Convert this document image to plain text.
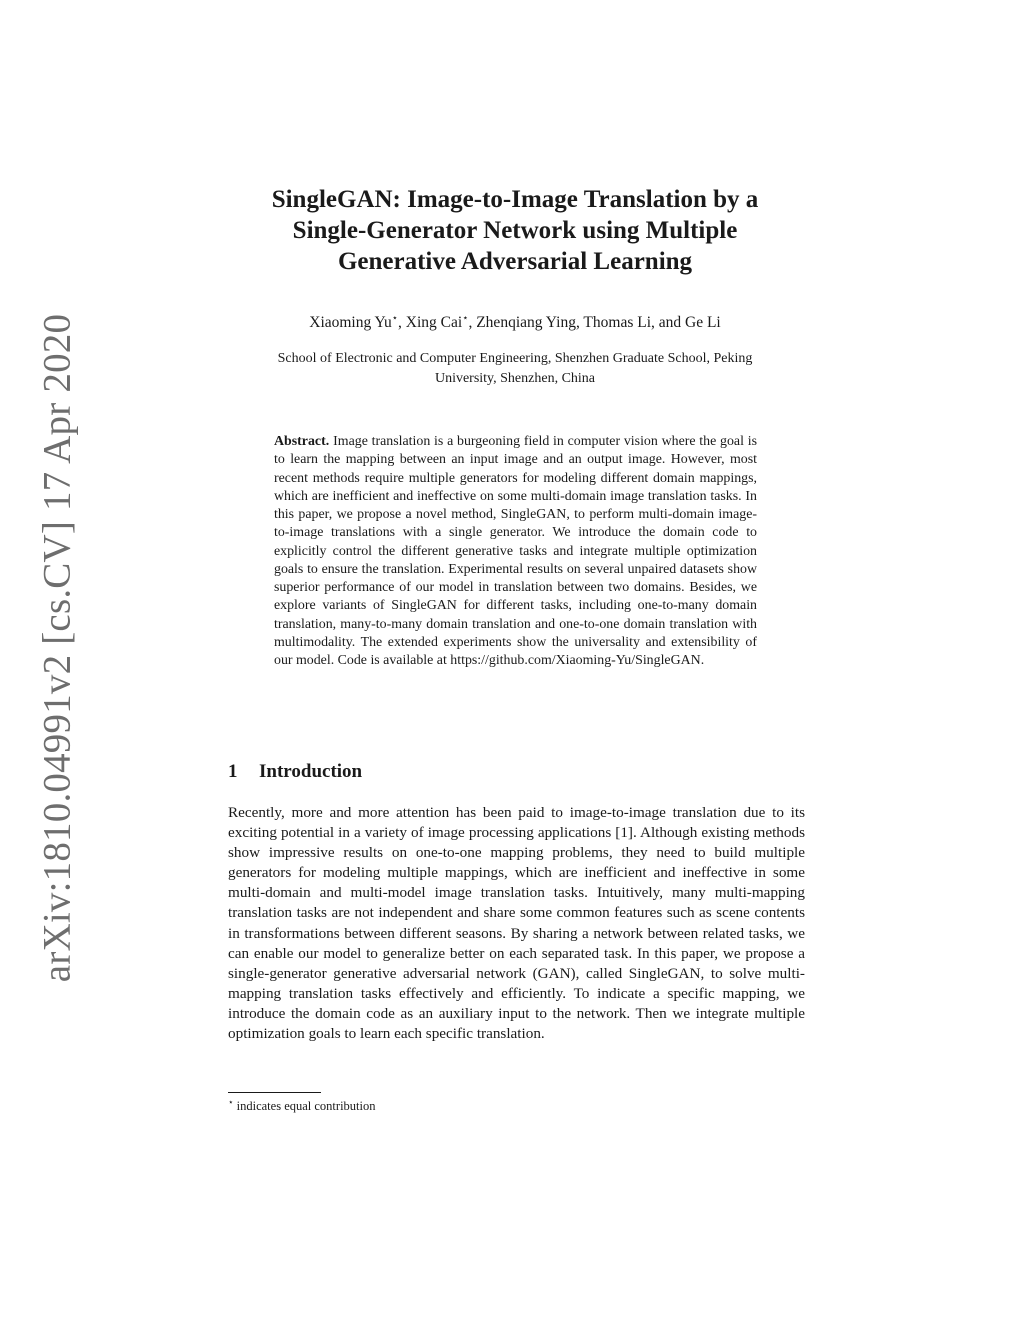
arXiv:1810.04991v2 [cs.CV] 17 Apr 2020
SingleGAN: Image-to-Image Translation by a
Single-Generator Network using Multiple
Generative Adversarial Learning
Xiaoming Yu⋆, Xing Cai⋆, Zhenqiang Ying, Thomas Li, and Ge Li
School of Electronic and Computer Engineering, Shenzhen Graduate School, Peking
University, Shenzhen, China
Abstract. Image translation is a burgeoning field in computer vision where the goal is to learn the mapping between an input image and an output image. However, most recent methods require multiple generators for modeling different domain mappings, which are inefficient and ineffective on some multi-domain image translation tasks. In this paper, we propose a novel method, SingleGAN, to perform multi-domain image-to-image translations with a single generator. We introduce the domain code to explicitly control the different generative tasks and integrate multiple optimization goals to ensure the translation. Experimental results on several unpaired datasets show superior performance of our model in translation between two domains. Besides, we explore variants of SingleGAN for different tasks, including one-to-many domain translation, many-to-many domain translation and one-to-one domain translation with multimodality. The extended experiments show the universality and extensibility of our model. Code is available at https://github.com/Xiaoming-Yu/SingleGAN.
1 Introduction
Recently, more and more attention has been paid to image-to-image translation due to its exciting potential in a variety of image processing applications [1]. Although existing methods show impressive results on one-to-one mapping problems, they need to build multiple generators for modeling multiple mappings, which are inefficient and ineffective in some multi-domain and multi-model image translation tasks. Intuitively, many multi-mapping translation tasks are not independent and share some common features such as scene contents in transformations between different seasons. By sharing a network between related tasks, we can enable our model to generalize better on each separated task. In this paper, we propose a single-generator generative adversarial network (GAN), called SingleGAN, to solve multi-mapping translation tasks effectively and efficiently. To indicate a specific mapping, we introduce the domain code as an auxiliary input to the network. Then we integrate multiple optimization goals to learn each specific translation.
⋆ indicates equal contribution
